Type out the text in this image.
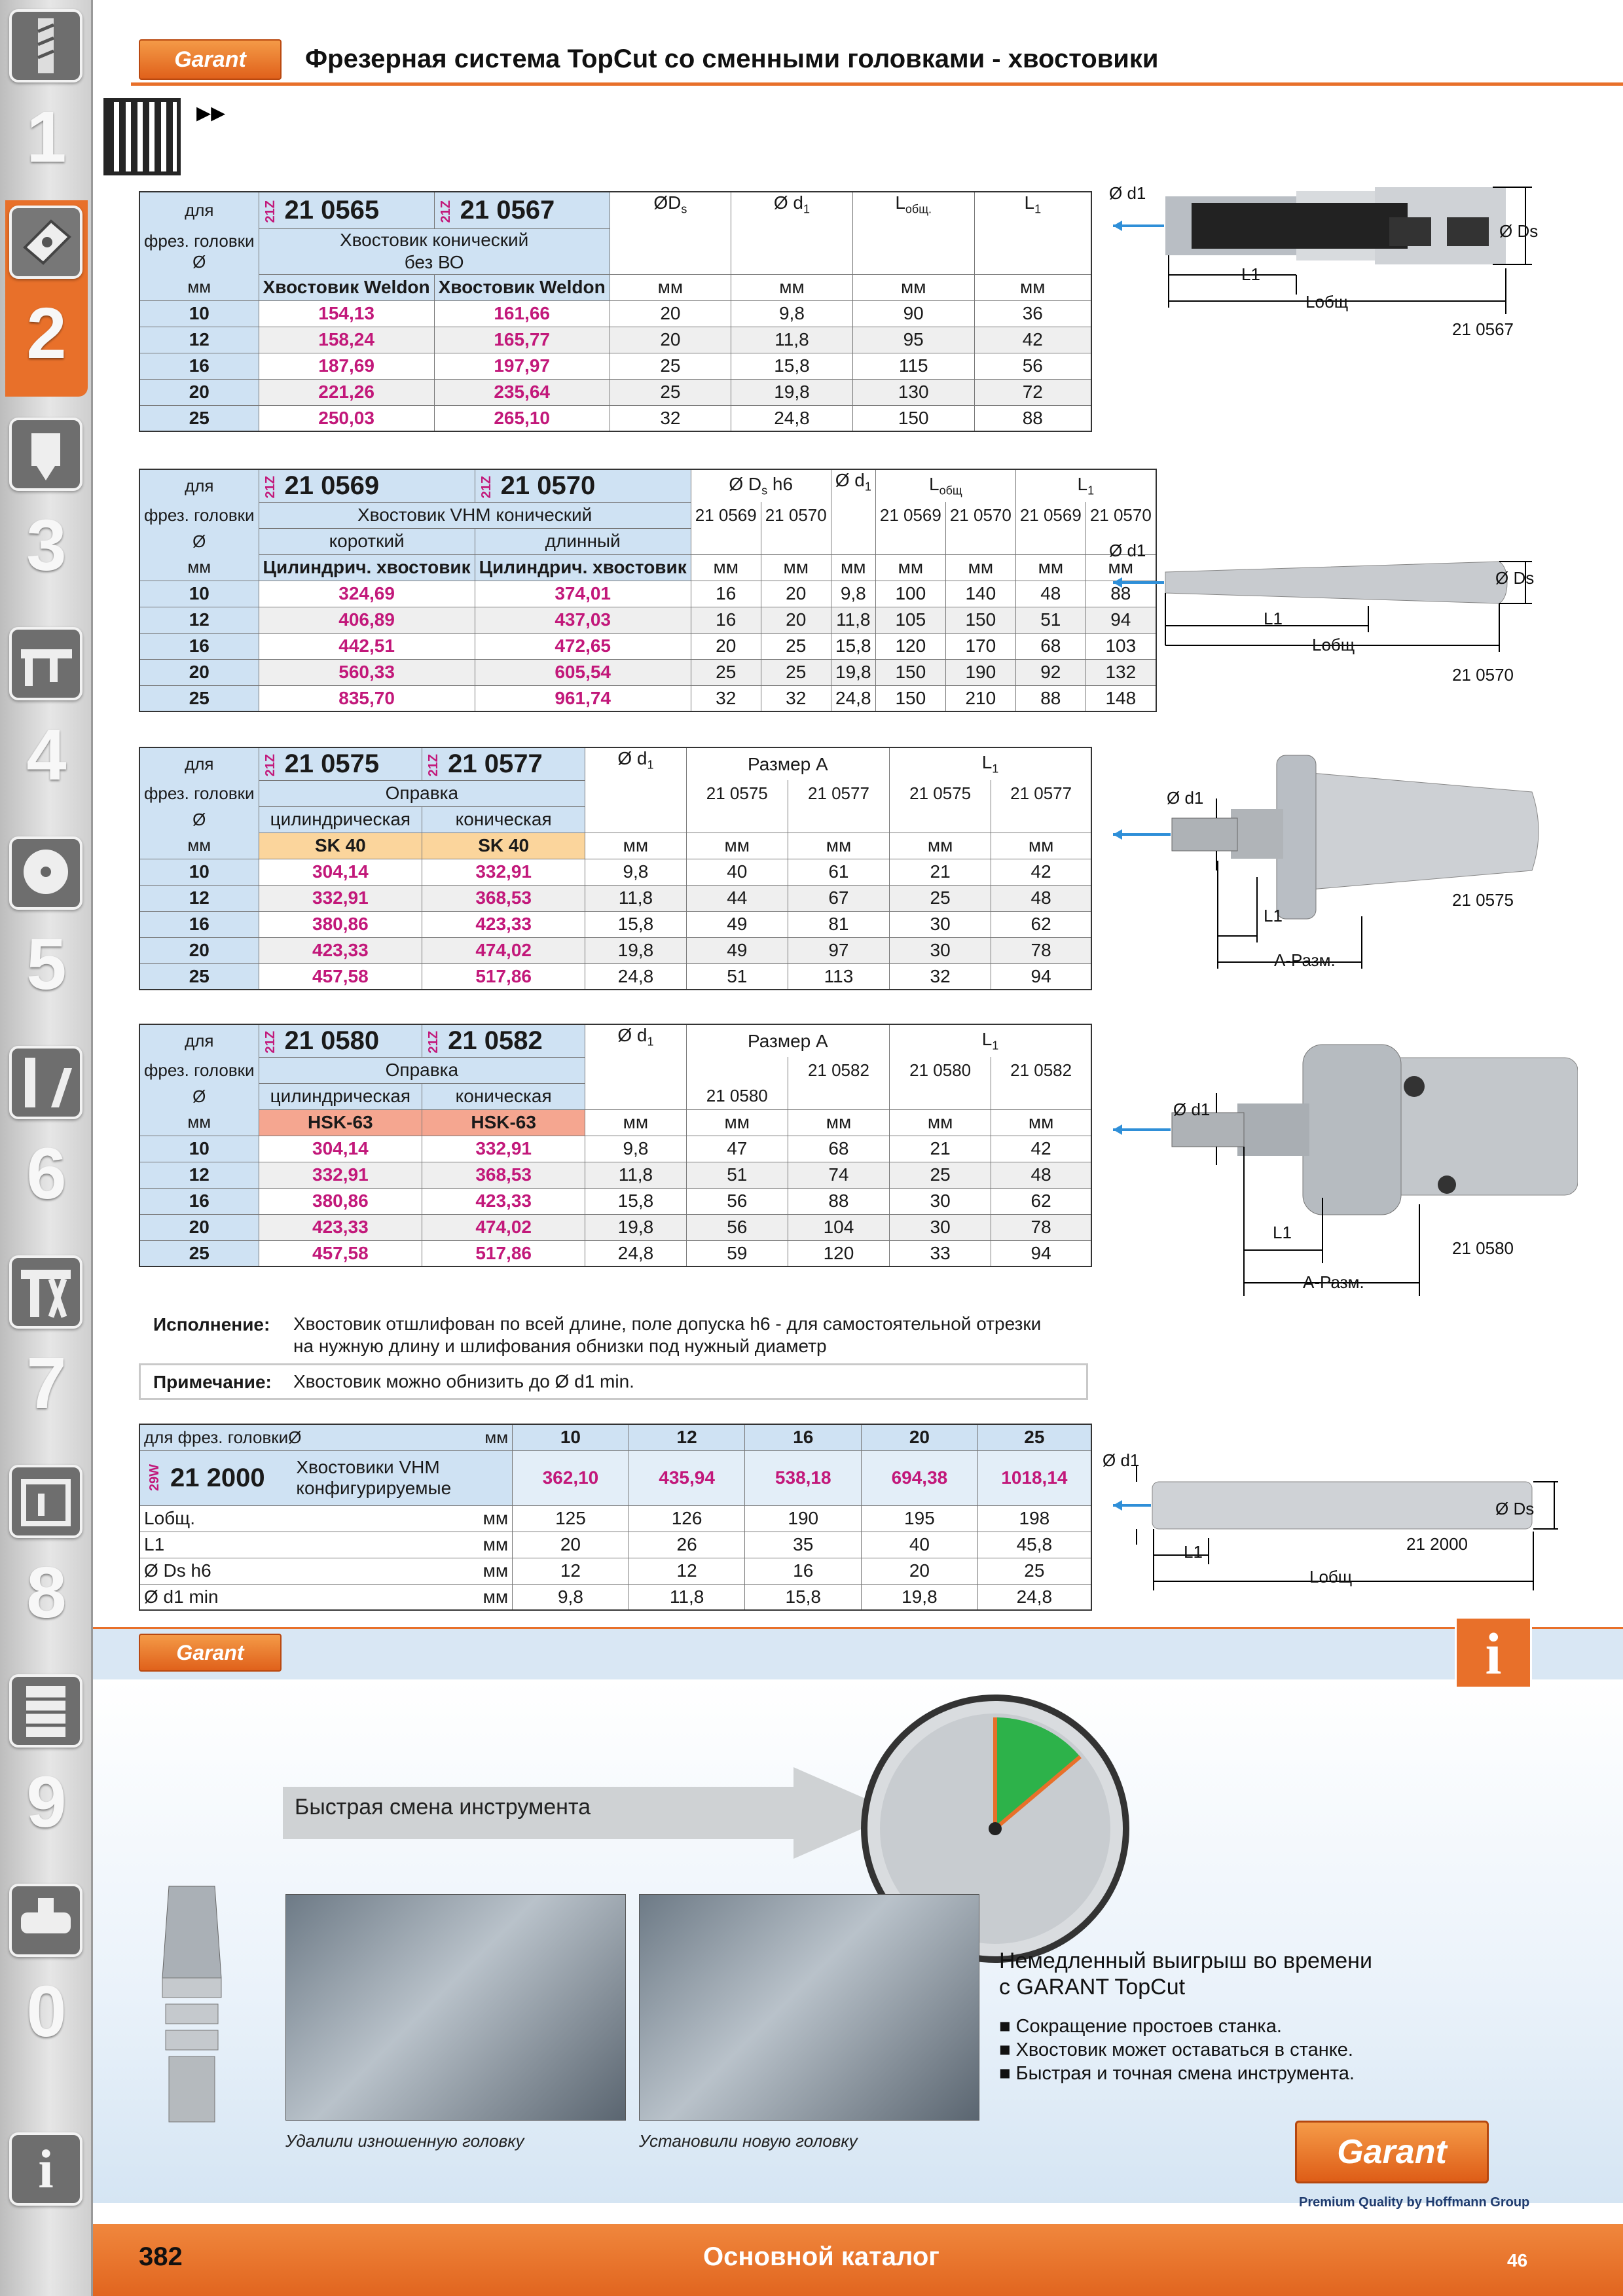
1
2
3
4
5
6
7
8
9
0
i
Garant Фрезерная система TopCut со сменными головками - хвостовики
▸▸
для	21Z 21 0565	21Z 21 0567	$ØD_s$	Ø $d_1$	$L_{общ.}$	$L_1$
фрез. головки
Ø	Хвостовик конический
без ВО					
мм	Хвостовик Weldon	Хвостовик Weldon	мм	мм	мм	мм
10	154,13	161,66	20	9,8	90	36
12	158,24	165,77	20	11,8	95	42
16	187,69	197,97	25	15,8	115	56
20	221,26	235,64	25	19,8	130	72
25	250,03	265,10	32	24,8	150	88
Ø d1
Ø Ds
L1
Lобщ
21 0567
для	21Z 21 0569	21Z 21 0570	Ø $D_s$ h6		Ø $d_1$	$L_{общ}$		$L_1$
фрез. головки	Хвостовик VHM конический		21 0569	21 0570		21 0569	21 0570	21 0569	21 0570
Ø	короткий	длинный							
мм	Цилиндрич. хвостовик	Цилиндрич. хвостовик	мм	мм	мм	мм	мм	мм	мм
10	324,69	374,01	16	20	9,8	100	140	48	88
12	406,89	437,03	16	20	11,8	105	150	51	94
16	442,51	472,65	20	25	15,8	120	170	68	103
20	560,33	605,54	25	25	19,8	150	190	92	132
25	835,70	961,74	32	32	24,8	150	210	88	148
Ø d1
Ø Ds
L1
Lобщ
21 0570
для	21Z 21 0575	21Z 21 0577	Ø $d_1$	Размер A		$L_1$
фрез. головки	Оправка			21 0575	21 0577	21 0575	21 0577
Ø	цилиндрическая	коническая					
мм	SK 40	SK 40	мм	мм	мм	мм	мм
10	304,14	332,91	9,8	40	61	21	42
12	332,91	368,53	11,8	44	67	25	48
16	380,86	423,33	15,8	49	81	30	62
20	423,33	474,02	19,8	49	97	30	78
25	457,58	517,86	24,8	51	113	32	94
Ø d1
L1
A-Разм.
21 0575
для	21Z 21 0580	21Z 21 0582	Ø $d_1$	Размер A		$L_1$
фрез. головки	Оправка				21 0582	21 0580	21 0582
Ø	цилиндрическая	коническая		21 0580			
мм	HSK-63	HSK-63	мм	мм	мм	мм	мм
10	304,14	332,91	9,8	47	68	21	42
12	332,91	368,53	11,8	51	74	25	48
16	380,86	423,33	15,8	56	88	30	62
20	423,33	474,02	19,8	56	104	30	78
25	457,58	517,86	24,8	59	120	33	94
Ø d1
L1
A-Разм.
21 0580
Исполнение: Хвостовик отшлифован по всей длине, поле допуска h6 - для самостоятельной отрезки
на нужную длину и шлифования обнизки под нужный диаметр
Примечание: Хвостовик можно обнизить до Ø d1 min.
для фрез. головкиØ мм	10	12	16	20	25
29W 21 2000 Хвостовики VHM
конфигурируемые	362,10	435,94	538,18	694,38	1018,14
Lобщ. мм	125	126	190	195	198
L1 мм	20	26	35	40	45,8
Ø Ds h6 мм	12	12	16	20	25
Ø d1 min мм	9,8	11,8	15,8	19,8	24,8
Ø d1
Ø Ds
L1
Lобщ
21 2000
Garant	i
Быстрая смена инструмента
Удалили изношенную головку	Установили новую головку
Немедленный выигрыш во времени
с GARANT TopCut
■ Сокращение простоев станка.
■ Хвостовик может оставаться в станке.
■ Быстрая и точная смена инструмента.
Garant
Premium Quality by Hoffmann Group
382	Основной каталог	46
